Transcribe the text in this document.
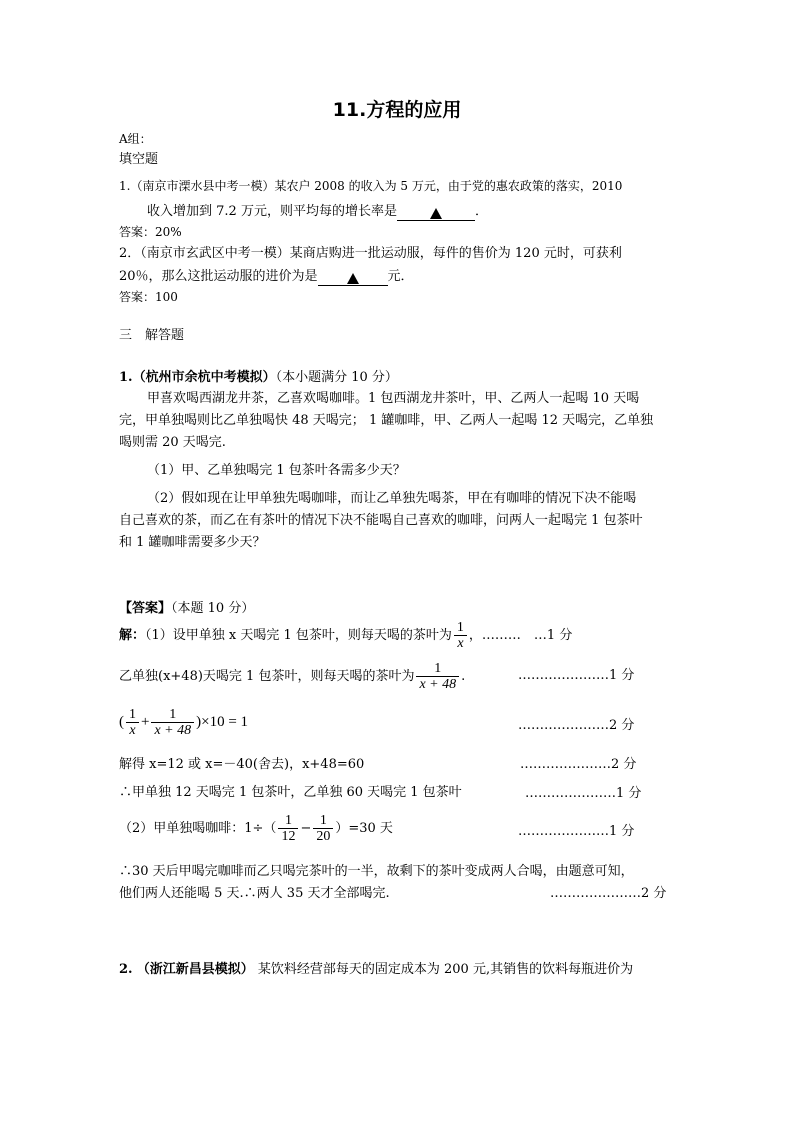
11.方程的应用
A组：
填空题
1.（南京市溧水县中考一模）某农户 2008 的收入为 5 万元，由于党的惠农政策的落实，2010
收入增加到 7.2 万元，则平均每的增长率是	．
答案：20%
2．（南京市玄武区中考一模）某商店购进一批运动服，每件的售价为 120 元时，可获利
20％，那么这批运动服的进价为是	元．
答案：100
三　解答题
1.（杭州市余杭中考模拟）（本小题满分 10 分）
甲喜欢喝西湖龙井茶，乙喜欢喝咖啡。1 包西湖龙井茶叶，甲、乙两人一起喝 10 天喝
完，甲单独喝则比乙单独喝快 48 天喝完； 1 罐咖啡，甲、乙两人一起喝 12 天喝完，乙单独
喝则需 20 天喝完.
（1）甲、乙单独喝完 1 包茶叶各需多少天？
（2）假如现在让甲单独先喝咖啡，而让乙单独先喝茶，甲在有咖啡的情况下决不能喝
自己喜欢的茶，而乙在有茶叶的情况下决不能喝自己喜欢的咖啡，问两人一起喝完 1 包茶叶
和 1 罐咖啡需要多少天？
【答案】（本题 10 分）
解：（1）设甲单独 x 天喝完 1 包茶叶，则每天喝的茶叶为 $\frac{1}{x}$ ，………　…1 分
乙单独(x+48)天喝完 1 包茶叶，则每天喝的茶叶为 $\frac{1}{x + 48}$ .	…………………1 分
( $\frac{1}{x} + \frac{1}{x + 48} )\times 10 = 1$	…………………2 分
解得 x=12 或 x=－40(舍去)，x+48=60	…………………2 分
∴甲单独 12 天喝完 1 包茶叶，乙单独 60 天喝完 1 包茶叶	…………………1 分
（2）甲单独喝咖啡：$1\div( \frac{1}{12} - \frac{1}{20} )=30$ 天	…………………1 分
∴30 天后甲喝完咖啡而乙只喝完茶叶的一半，故剩下的茶叶变成两人合喝，由题意可知，
他们两人还能喝 5 天.∴两人 35 天才全部喝完.	…………………2 分
2. （浙江新昌县模拟） 某饮料经营部每天的固定成本为 200 元,其销售的饮料每瓶进价为
